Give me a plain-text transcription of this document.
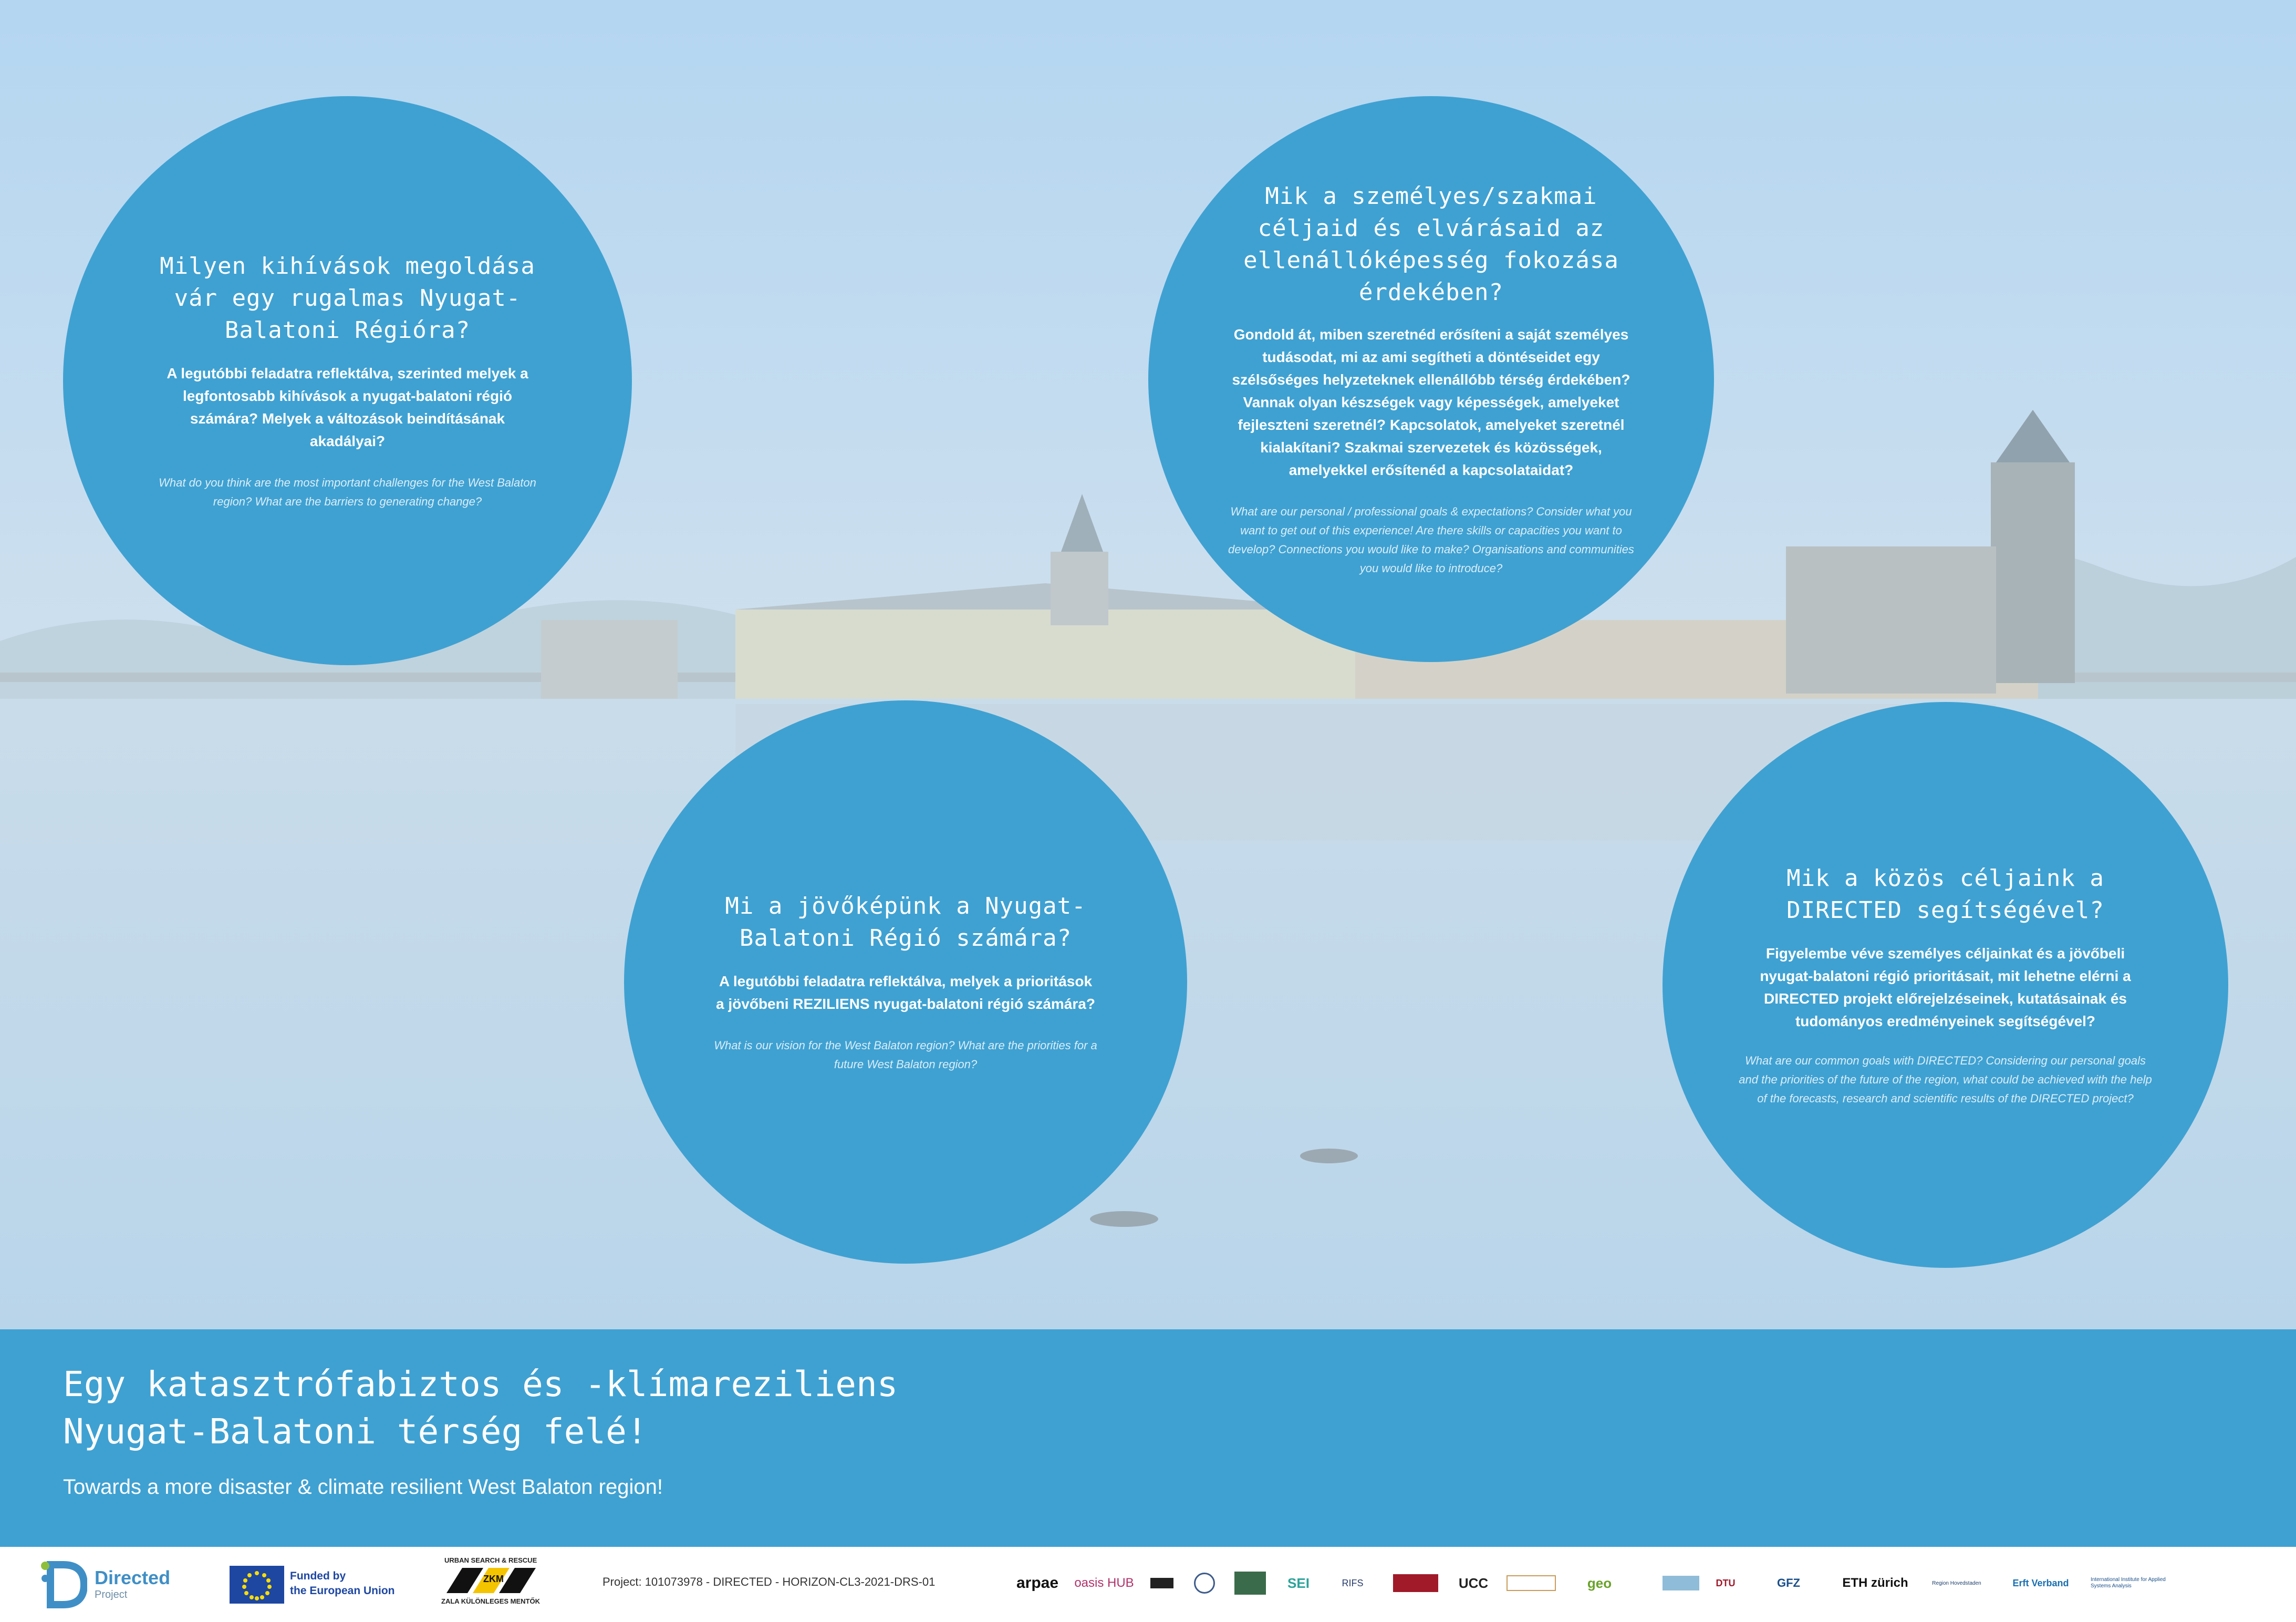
Milyen kihívások megoldása vár egy rugalmas Nyugat-Balatoni Régióra?

A legutóbbi feladatra reflektálva, szerinted melyek a legfontosabb kihívások a nyugat-balatoni régió számára? Melyek a változások beindításának akadályai?

What do you think are the most important challenges for the West Balaton region? What are the barriers to generating change?

Mik a személyes/szakmai céljaid és elvárásaid az ellenállóképesség fokozása érdekében?

Gondold át, miben szeretnéd erősíteni a saját személyes tudásodat, mi az ami segítheti a döntéseidet egy szélsőséges helyzeteknek ellenállóbb térség érdekében? Vannak olyan készségek vagy képességek, amelyeket fejleszteni szeretnél? Kapcsolatok, amelyeket szeretnél kialakítani? Szakmai szervezetek és közösségek, amelyekkel erősítenéd a kapcsolataidat?

What are our personal / professional goals & expectations? Consider what you want to get out of this experience! Are there skills or capacities you want to develop? Connections you would like to make? Organisations and communities you would like to introduce?

Mi a jövőképünk a Nyugat-Balatoni Régió számára?

A legutóbbi feladatra reflektálva, melyek a prioritások a jövőbeni REZILIENS nyugat-balatoni régió számára?

What is our vision for the West Balaton region? What are the priorities for a future West Balaton region?

Mik a közös céljaink a DIRECTED segítségével?

Figyelembe véve személyes céljainkat és a jövőbeli nyugat-balatoni régió prioritásait, mit lehetne elérni a DIRECTED projekt előrejelzéseinek, kutatásainak és tudományos eredményeinek segítségével?

What are our common goals with DIRECTED? Considering our personal goals and the priorities of the future of the region, what could be achieved with the help of the forecasts, research and scientific results of the DIRECTED project?

Egy katasztrófabiztos és -klímareziliens
Nyugat-Balatoni térség felé!

Towards a more disaster & climate resilient West Balaton region!

Directed
Project
Funded by
the European Union
URBAN SEARCH & RESCUE
ZKM
ZALA KÜLÖNLEGES MENTŐK
Project: 101073978 - DIRECTED - HORIZON-CL3-2021-DRS-01	arpae	oasis HUB	SEI	RIFS	UCC	geo	DTU	GFZ	ETH zürich	Region Hovedstaden	Erft Verband	International Institute for Applied Systems Analysis
